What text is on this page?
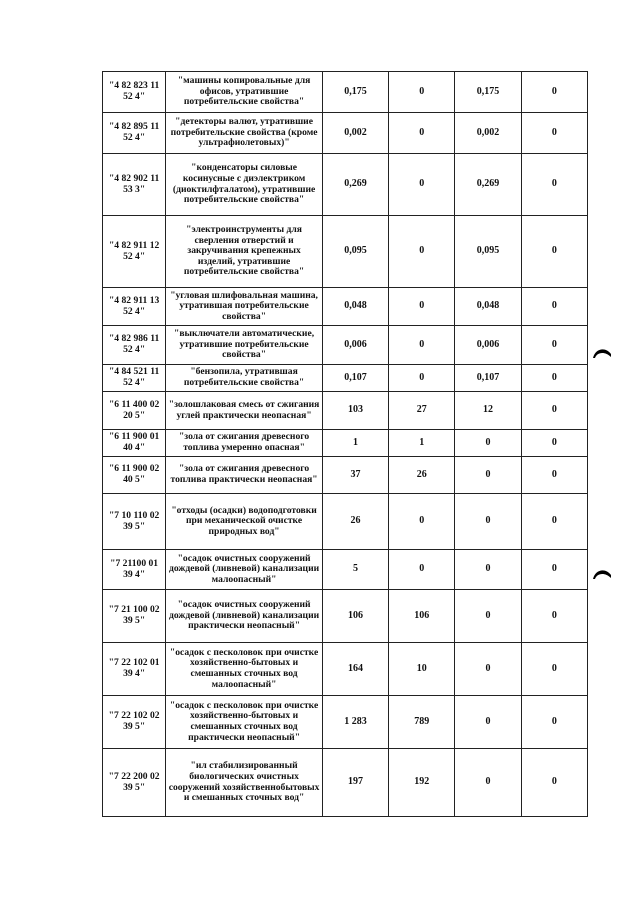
"4 82 823 11 52 4"	"машины копировальные для офисов, утратившие потребительские свойства"	0,175	0	0,175	0
"4 82 895 11 52 4"	"детекторы валют, утратившие потребительские свойства (кроме ультрафиолетовых)"	0,002	0	0,002	0
"4 82 902 11 53 3"	"конденсаторы силовые косинусные с диэлектриком (диоктилфталатом), утратившие потребительские свойства"	0,269	0	0,269	0
"4 82 911 12 52 4"	"электроинструменты для сверления отверстий и закручивания крепежных изделий, утратившие потребительские свойства"	0,095	0	0,095	0
"4 82 911 13 52 4"	"угловая шлифовальная машина, утратившая потребительские свойства"	0,048	0	0,048	0
"4 82 986 11 52 4"	"выключатели автоматические, утратившие потребительские свойства"	0,006	0	0,006	0
"4 84 521 11 52 4"	"бензопила, утратившая потребительские свойства"	0,107	0	0,107	0
"6 11 400 02 20 5"	"золошлаковая смесь от сжигания углей практически неопасная"	103	27	12	0
"6 11 900 01 40 4"	"зола от сжигания древесного топлива умеренно опасная"	1	1	0	0
"6 11 900 02 40 5"	"зола от сжигания древесного топлива практически неопасная"	37	26	0	0
"7 10 110 02 39 5"	"отходы (осадки) водоподготовки при механической очистке природных вод"	26	0	0	0
"7 21100 01 39 4"	"осадок очистных сооружений дождевой (ливневой) канализации малоопасный"	5	0	0	0
"7 21 100 02 39 5"	"осадок очистных сооружений дождевой (ливневой) канализации практически неопасный"	106	106	0	0
"7 22 102 01 39 4"	"осадок с песколовок при очистке хозяйственно-бытовых и смешанных сточных вод малоопасный"	164	10	0	0
"7 22 102 02 39 5"	"осадок с песколовок при очистке хозяйственно-бытовых и смешанных сточных вод практически неопасный"	1 283	789	0	0
"7 22 200 02 39 5"	"ил стабилизированный биологических очистных сооружений хозяйственнобытовых и смешанных сточных вод"	197	192	0	0
